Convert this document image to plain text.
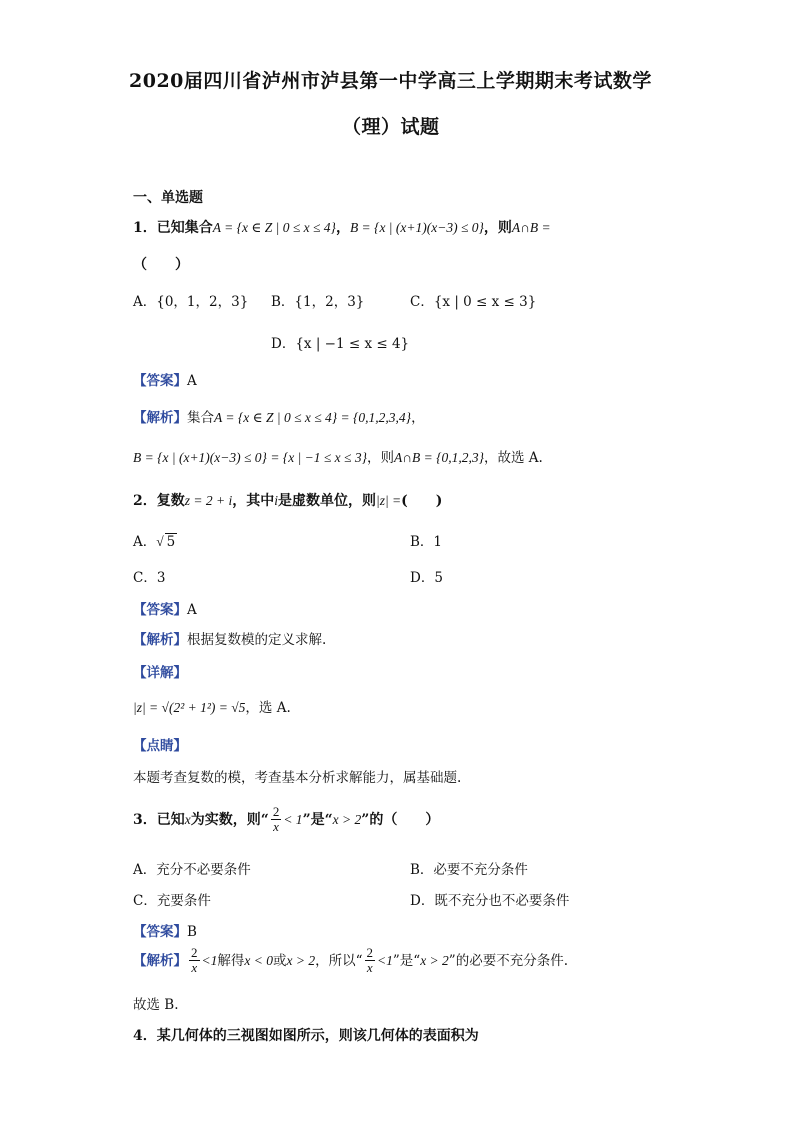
2020届四川省泸州市泸县第一中学高三上学期期末考试数学
（理）试题
一、单选题
1．已知集合A = {x ∈ Z | 0 ≤ x ≤ 4}，B = {x | (x+1)(x−3) ≤ 0}，则A∩B =
（　　）
A．{0，1，2，3} B．{1，2，3}	C．{x | 0 ≤ x ≤ 3}
D．{x | −1 ≤ x ≤ 4}
【答案】A
【解析】集合A = {x ∈ Z | 0 ≤ x ≤ 4} = {0,1,2,3,4}，
B = {x | (x+1)(x−3) ≤ 0} = {x | −1 ≤ x ≤ 3}，则A∩B = {0,1,2,3}，故选 A.
2．复数z = 2 + i，其中i是虚数单位，则|z| =(　　)
A．√ 5	B．1
C．3	D．5
【答案】A
【解析】根据复数模的定义求解.
【详解】
|z| = √(2² + 1²) = √5，选 A.
【点睛】
本题考查复数的模，考查基本分析求解能力，属基础题.
3．已知x为实数，则“ $\frac{2}{x} < 1$”是“x > 2”的（　　）
A．充分不必要条件	B．必要不充分条件
C．充要条件	D．既不充分也不必要条件
【答案】B
【解析】 $\frac{2}{x} <1$解得x < 0或x > 2，所以“ $\frac{2}{x} <1$”是“x > 2”的必要不充分条件.
故选 B.
4．某几何体的三视图如图所示，则该几何体的表面积为
